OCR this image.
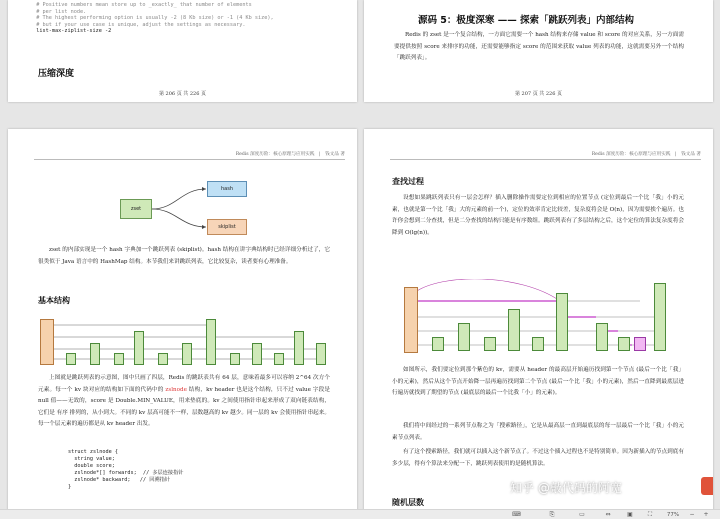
# Positive numbers mean store up to _exactly_ that number of elements
# per list node.
# The highest performing option is usually -2 (8 Kb size) or -1 (4 Kb size),
# but if your use case is unique, adjust the settings as necessary.
list-max-ziplist-size -2
压缩深度
第 206 页 共 226 页
源码 5：极度深寒 —— 探索「跳跃列表」内部结构
Redis 的 zset 是一个复合结构，一方面它需要一个 hash 结构来存储 value 和 score 的对应关系，另一方面需要提供按照 score 来排序的功能，还需要能够指定 score 的范围来获取 value 列表的功能，这就需要另外一个结构「跳跃列表」。
第 207 页 共 226 页
Redis 深度历险：核心原理与应用实践　|　钱文品 著
zset
hash
skiplist
zset 的内部实现是一个 hash 字典加一个跳跃列表 (skiplist)。hash 结构在讲字典结构时已经详细分析过了，它很类似于 Java 语言中的 HashMap 结构。本节我们来讲跳跃列表，它比较复杂，读者要有心理准备。
基本结构
上图就是跳跃列表的示意图，图中只画了四层，Redis 的跳跃表共有 64 层，意味着最多可以容纳 2^64 次方个元素。每一个 kv 块对应的结构如下面的代码中的 zslnode 结构，kv header 也是这个结构，只不过 value 字段是 null 值——无效的，score 是 Double.MIN_VALUE，用来垫底的。kv 之间使用指针串起来形成了双向链表结构，它们是 有序 排列的，从小到大。不同的 kv 层高可能不一样，层数越高的 kv 越少。同一层的 kv 会使用指针串起来。每一个层元素的遍历都是从 kv header 出发。
struct zslnode {
string value;
double score;
zslnode*[] forwards;  // 多层连接指针
zslnode* backward;   // 回溯指针
}
Redis 深度历险：核心原理与应用实践　|　钱文品 著
查找过程
设想如果跳跃列表只有一层会怎样？插入删除操作需要定位到相应的位置节点 (定位到最后一个比「我」小的元素，也就是第一个比「我」大的元素的前一个)，定位的效率肯定比较差，复杂度将会是 O(n)，因为需要挨个遍历。也许你会想到二分查找，但是二分查找的结构只能是有序数组。跳跃列表有了多层结构之后，这个定位的算法复杂度将会降到 O(lg(n))。
如图所示，我们要定位到那个紫色的 kv，需要从 header 的最高层开始遍历找到第一个节点 (最后一个比「我」小的元素)，然后从这个节点开始降一层再遍历找到第二个节点 (最后一个比「我」小的元素)，然后一直降到最底层进行遍历就找到了期望的节点 (最底层的最后一个比我「小」的元素)。
我们将中间经过的一系列节点称之为「搜索路径」，它是从最高层一直到最底层的每一层最后一个比「我」小的元素节点列表。
有了这个搜索路径，我们就可以插入这个新节点了。不过这个插入过程也不是特别简单。因为新插入的节点到底有多少层，得有个算法来分配一下，跳跃列表使用的是随机算法。
随机层数
知乎 @敲代码的阿宽
⌨	⎘	▭	⇔	▣	⛶	77%	− +
